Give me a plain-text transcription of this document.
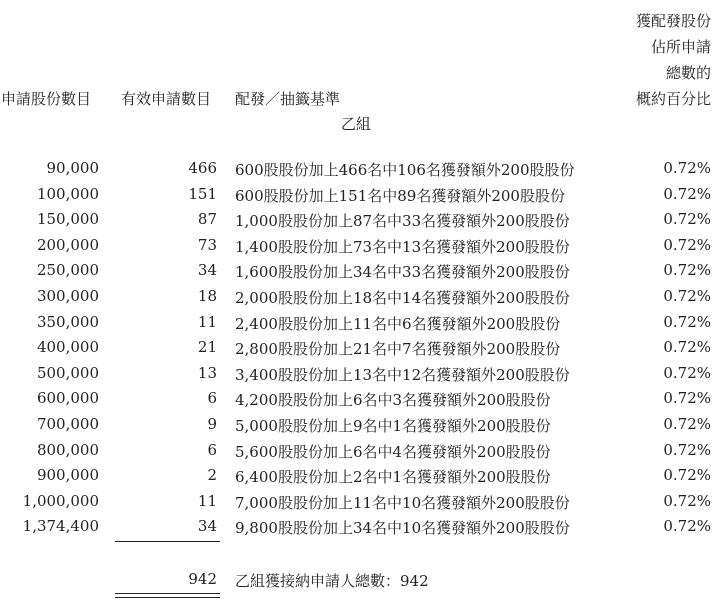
獲配發股份
佔所申請
總數的
概約百分比
申請股份數目 有效申請數目 配發／抽籤基準
乙組
90,000	466 600股股份加上466名中106名獲發額外200股股份	0.72%
100,000	151 600股股份加上151名中89名獲發額外200股股份	0.72%
150,000	87 1,000股股份加上87名中33名獲發額外200股股份	0.72%
200,000	73 1,400股股份加上73名中13名獲發額外200股股份	0.72%
250,000	34 1,600股股份加上34名中33名獲發額外200股股份	0.72%
300,000	18 2,000股股份加上18名中14名獲發額外200股股份	0.72%
350,000	11 2,400股股份加上11名中6名獲發額外200股股份	0.72%
400,000	21 2,800股股份加上21名中7名獲發額外200股股份	0.72%
500,000	13 3,400股股份加上13名中12名獲發額外200股股份	0.72%
600,000	6 4,200股股份加上6名中3名獲發額外200股股份	0.72%
700,000	9 5,000股股份加上9名中1名獲發額外200股股份	0.72%
800,000	6 5,600股股份加上6名中4名獲發額外200股股份	0.72%
900,000	2 6,400股股份加上2名中1名獲發額外200股股份	0.72%
1,000,000	11 7,000股股份加上11名中10名獲發額外200股股份	0.72%
1,374,400	34 9,800股股份加上34名中10名獲發額外200股股份	0.72%
942 乙組獲接納申請人總數：942
